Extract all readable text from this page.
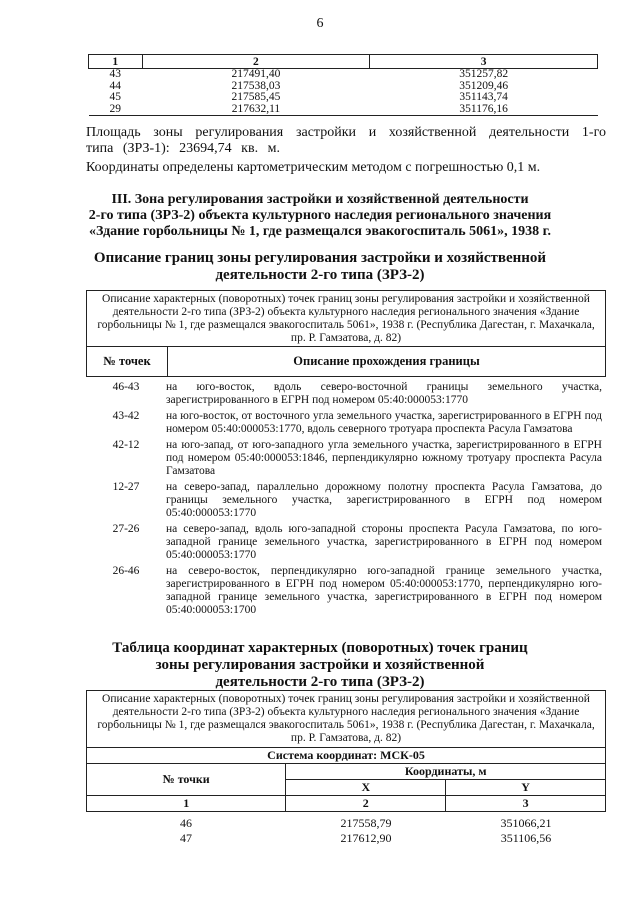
6
1	2	3
43	217491,40	351257,82
44	217538,03	351209,46
45	217585,45	351143,74
29	217632,11	351176,16

Площадь зоны регулирования застройки и хозяйственной деятельности 1-го типа (ЗРЗ-1): 23694,74 кв. м.

Координаты определены картометрическим методом с погрешностью 0,1 м.

III. Зона регулирования застройки и хозяйственной деятельности
2-го типа (ЗРЗ-2) объекта культурного наследия регионального значения
«Здание горбольницы № 1, где размещался эвакогоспиталь 5061», 1938 г.
Описание границ зоны регулирования застройки и хозяйственной
деятельности 2-го типа (ЗРЗ-2)
Описание характерных (поворотных) точек границ зоны регулирования застройки и хозяйственной деятельности 2-го типа (ЗРЗ-2) объекта культурного наследия регионального значения «Здание горбольницы № 1, где размещался эвакогоспиталь 5061», 1938 г. (Республика Дагестан, г. Махачкала, пр. Р. Гамзатова, д. 82)
№ точек	Описание прохождения границы
46-43	на юго-восток, вдоль северо-восточной границы земельного участка, зарегистрированного в ЕГРН под номером 05:40:000053:1770
43-42	на юго-восток, от восточного угла земельного участка, зарегистрированного в ЕГРН под номером 05:40:000053:1770, вдоль северного тротуара проспекта Расула Гамзатова
42-12	на юго-запад, от юго-западного угла земельного участка, зарегистрированного в ЕГРН под номером 05:40:000053:1846, перпендикулярно южному тротуару проспекта Расула Гамзатова
12-27	на северо-запад, параллельно дорожному полотну проспекта Расула Гамзатова, до границы земельного участка, зарегистрированного в ЕГРН под номером 05:40:000053:1770
27-26	на северо-запад, вдоль юго-западной стороны проспекта Расула Гамзатова, по юго-западной границе земельного участка, зарегистрированного в ЕГРН под номером 05:40:000053:1770
26-46	на северо-восток, перпендикулярно юго-западной границе земельного участка, зарегистрированного в ЕГРН под номером 05:40:000053:1770, перпендикулярно юго-западной границе земельного участка, зарегистрированного в ЕГРН под номером 05:40:000053:1700
Таблица координат характерных (поворотных) точек границ
зоны регулирования застройки и хозяйственной
деятельности 2-го типа (ЗРЗ-2)
Описание характерных (поворотных) точек границ зоны регулирования застройки и хозяйственной деятельности 2-го типа (ЗРЗ-2) объекта культурного наследия регионального значения «Здание горбольницы № 1, где размещался эвакогоспиталь 5061», 1938 г. (Республика Дагестан, г. Махачкала, пр. Р. Гамзатова, д. 82)
Система координат: МСК-05		
№ точки	Координаты, м	
	X	Y
1	2	3
46	217558,79	351066,21
47	217612,90	351106,56
